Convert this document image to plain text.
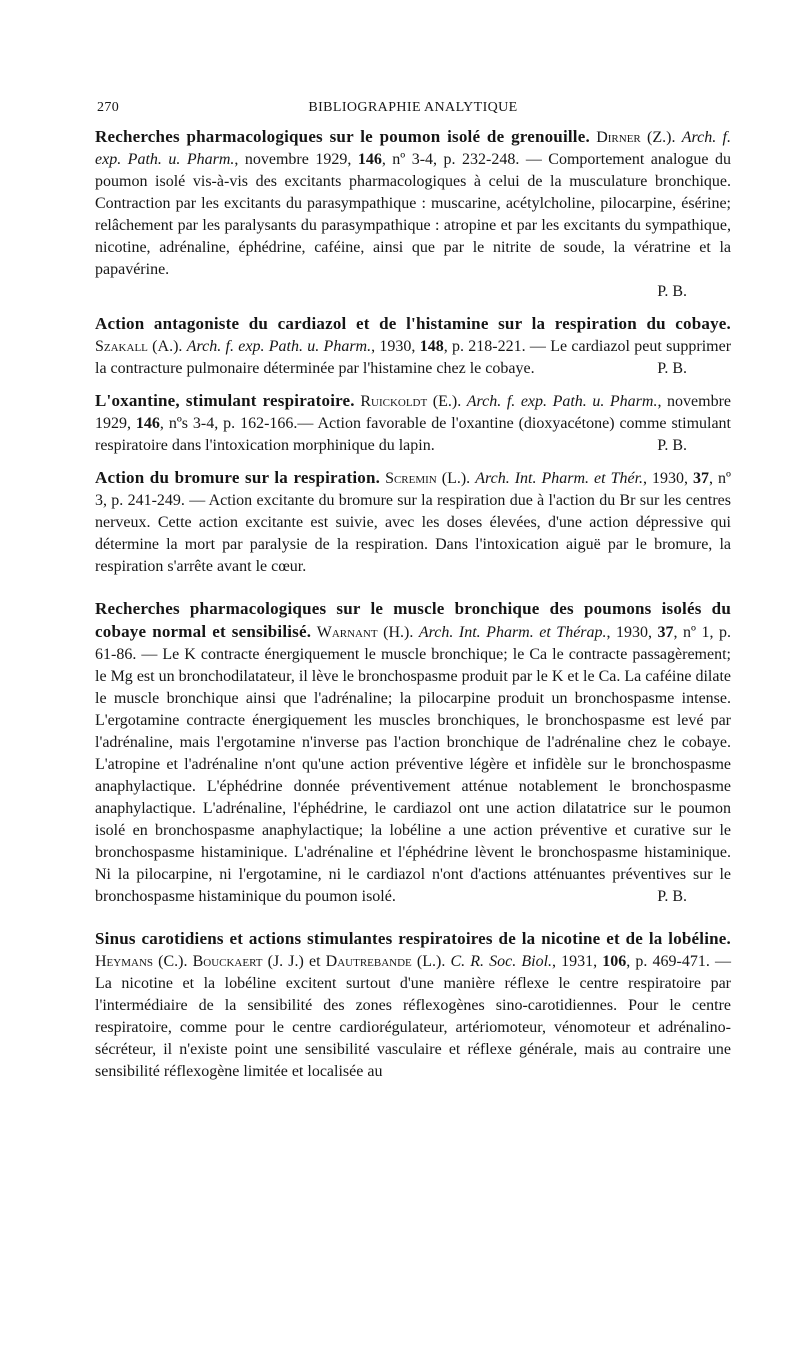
270	BIBLIOGRAPHIE ANALYTIQUE
Recherches pharmacologiques sur le poumon isolé de grenouille. Dirner (Z.). Arch. f. exp. Path. u. Pharm., novembre 1929, 146, nº 3-4, p. 232-248. — Comportement analogue du poumon isolé vis-à-vis des excitants pharmacologiques à celui de la musculature bronchique. Contraction par les excitants du parasympathique : muscarine, acétylcholine, pilocarpine, ésérine; relâchement par les paralysants du parasympathique : atropine et par les excitants du sympathique, nicotine, adrénaline, éphédrine, caféine, ainsi que par le nitrite de soude, la vératrine et la papavérine.
P. B.
Action antagoniste du cardiazol et de l'histamine sur la respiration du cobaye. Szakall (A.). Arch. f. exp. Path. u. Pharm., 1930, 148, p. 218-221. — Le cardiazol peut supprimer la contracture pulmonaire déterminée par l'histamine chez le cobaye.	P. B.
L'oxantine, stimulant respiratoire. Ruickoldt (E.). Arch. f. exp. Path. u. Pharm., novembre 1929, 146, nºs 3-4, p. 162-166.— Action favorable de l'oxantine (dioxyacétone) comme stimulant respiratoire dans l'intoxication morphinique du lapin.	P. B.
Action du bromure sur la respiration. Scremin (L.). Arch. Int. Pharm. et Thér., 1930, 37, nº 3, p. 241-249. — Action excitante du bromure sur la respiration due à l'action du Br sur les centres nerveux. Cette action excitante est suivie, avec les doses élevées, d'une action dépressive qui détermine la mort par paralysie de la respiration. Dans l'intoxication aiguë par le bromure, la respiration s'arrête avant le cœur.
Recherches pharmacologiques sur le muscle bronchique des poumons isolés du cobaye normal et sensibilisé. Warnant (H.). Arch. Int. Pharm. et Thérap., 1930, 37, nº 1, p. 61-86. — Le K contracte énergiquement le muscle bronchique; le Ca le contracte passagèrement; le Mg est un bronchodilatateur, il lève le bronchospasme produit par le K et le Ca. La caféine dilate le muscle bronchique ainsi que l'adrénaline; la pilocarpine produit un bronchospasme intense. L'ergotamine contracte énergiquement les muscles bronchiques, le bronchospasme est levé par l'adrénaline, mais l'ergotamine n'inverse pas l'action bronchique de l'adrénaline chez le cobaye. L'atropine et l'adrénaline n'ont qu'une action préventive légère et infidèle sur le bronchospasme anaphylactique. L'éphédrine donnée préventivement atténue notablement le bronchospasme anaphylactique. L'adrénaline, l'éphédrine, le cardiazol ont une action dilatatrice sur le poumon isolé en bronchospasme anaphylactique; la lobéline a une action préventive et curative sur le bronchospasme histaminique. L'adrénaline et l'éphédrine lèvent le bronchospasme histaminique. Ni la pilocarpine, ni l'ergotamine, ni le cardiazol n'ont d'actions atténuantes préventives sur le bronchospasme histaminique du poumon isolé.	P. B.
Sinus carotidiens et actions stimulantes respiratoires de la nicotine et de la lobéline. Heymans (C.). Bouckaert (J. J.) et Dautrebande (L.). C. R. Soc. Biol., 1931, 106, p. 469-471. — La nicotine et la lobéline excitent surtout d'une manière réflexe le centre respiratoire par l'intermédiaire de la sensibilité des zones réflexogènes sino-carotidiennes. Pour le centre respiratoire, comme pour le centre cardiorégulateur, artériomoteur, vénomoteur et adrénalino-sécréteur, il n'existe point une sensibilité vasculaire et réflexe générale, mais au contraire une sensibilité réflexogène limitée et localisée au
